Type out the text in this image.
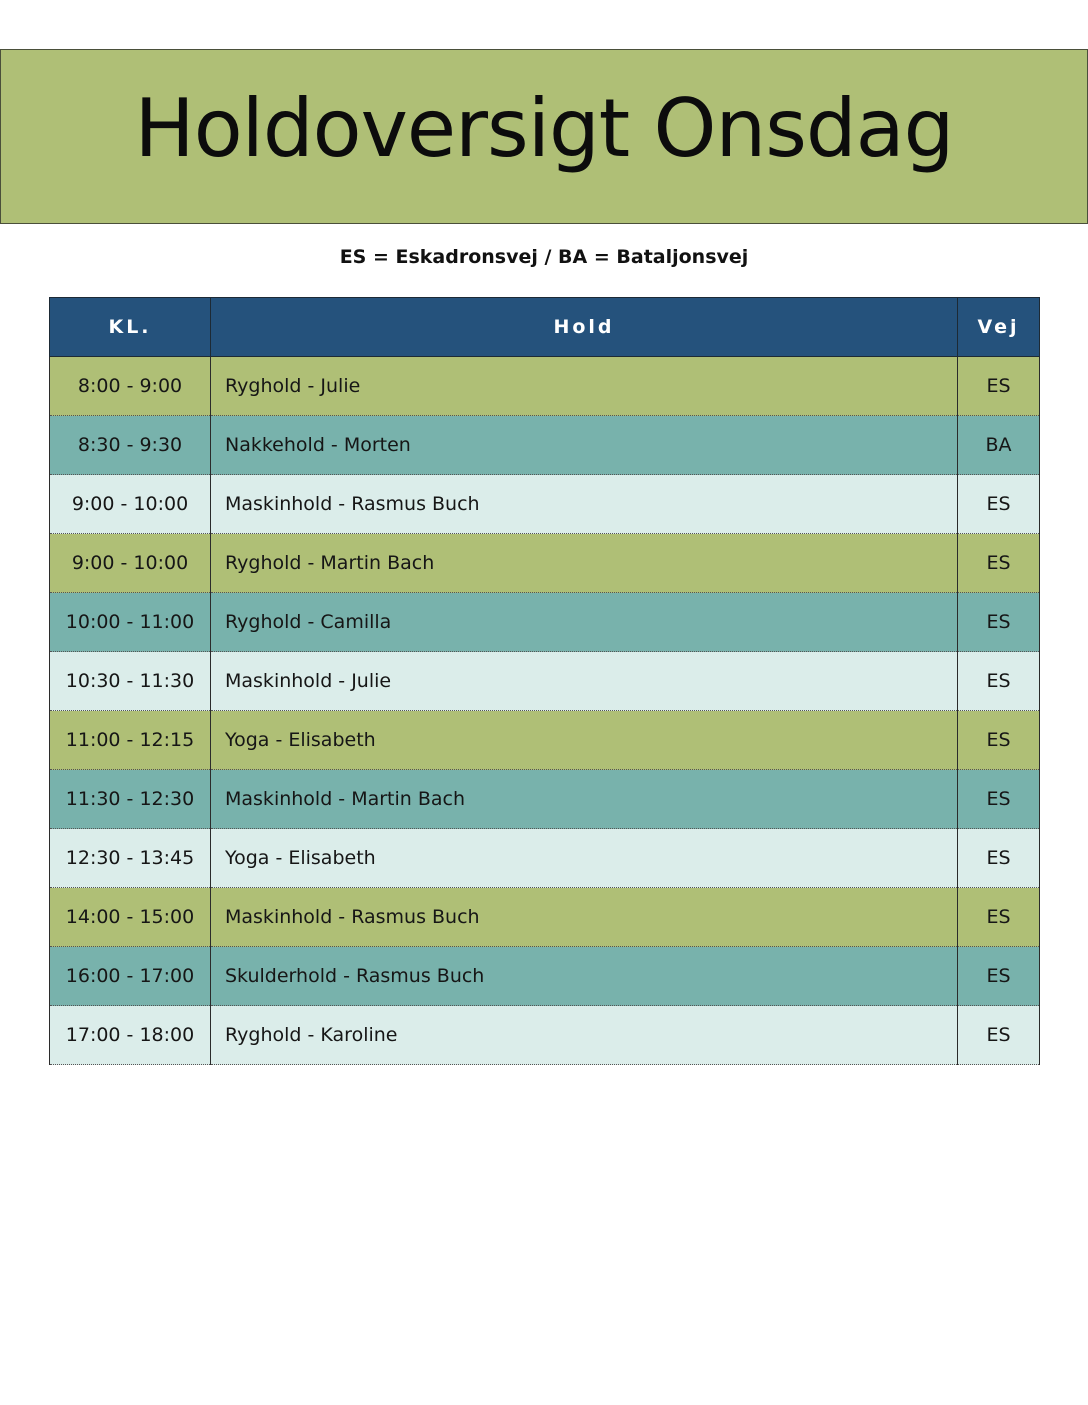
Holdoversigt Onsdag
ES = Eskadronsvej / BA = Bataljonsvej
KL.	Hold	Vej
8:00 - 9:00	Ryghold - Julie	ES
8:30 - 9:30	Nakkehold - Morten	BA
9:00 - 10:00	Maskinhold - Rasmus Buch	ES
9:00 - 10:00	Ryghold - Martin Bach	ES
10:00 - 11:00	Ryghold - Camilla	ES
10:30 - 11:30	Maskinhold - Julie	ES
11:00 - 12:15	Yoga - Elisabeth	ES
11:30 - 12:30	Maskinhold - Martin Bach	ES
12:30 - 13:45	Yoga - Elisabeth	ES
14:00 - 15:00	Maskinhold - Rasmus Buch	ES
16:00 - 17:00	Skulderhold - Rasmus Buch	ES
17:00 - 18:00	Ryghold - Karoline	ES
